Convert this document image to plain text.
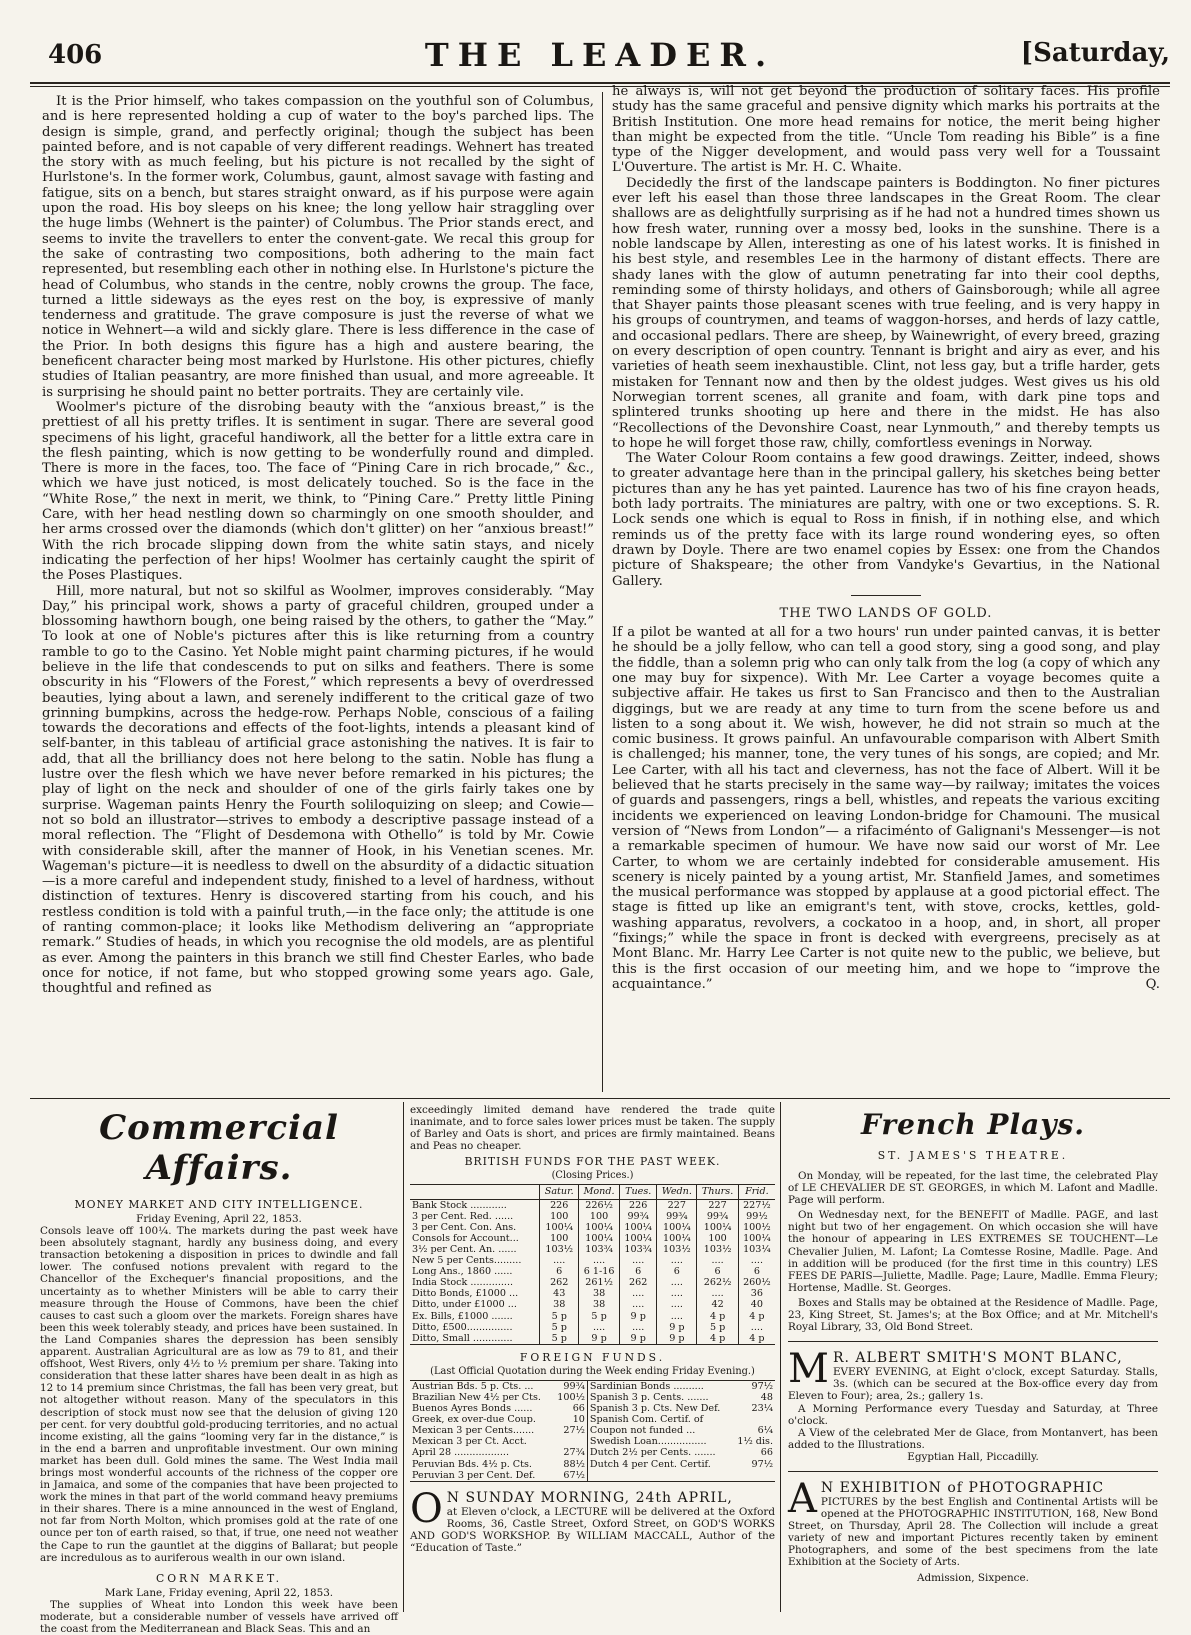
406	THE LEADER.	[Saturday,

It is the Prior himself, who takes compassion on the youthful son of Columbus, and is here represented holding a cup of water to the boy's parched lips. The design is simple, grand, and perfectly original; though the subject has been painted before, and is not capable of very different readings. Wehnert has treated the story with as much feeling, but his picture is not recalled by the sight of Hurlstone's. In the former work, Columbus, gaunt, almost savage with fasting and fatigue, sits on a bench, but stares straight onward, as if his purpose were again upon the road. His boy sleeps on his knee; the long yellow hair straggling over the huge limbs (Wehnert is the painter) of Columbus. The Prior stands erect, and seems to invite the travellers to enter the convent-gate. We recal this group for the sake of contrasting two compositions, both adhering to the main fact represented, but resembling each other in nothing else. In Hurlstone's picture the head of Columbus, who stands in the centre, nobly crowns the group. The face, turned a little sideways as the eyes rest on the boy, is expressive of manly tenderness and gratitude. The grave composure is just the reverse of what we notice in Wehnert—a wild and sickly glare. There is less difference in the case of the Prior. In both designs this figure has a high and austere bearing, the beneficent character being most marked by Hurlstone. His other pictures, chiefly studies of Italian peasantry, are more finished than usual, and more agreeable. It is surprising he should paint no better portraits. They are certainly vile.

Woolmer's picture of the disrobing beauty with the “anxious breast,” is the prettiest of all his pretty trifles. It is sentiment in sugar. There are several good specimens of his light, graceful handiwork, all the better for a little extra care in the flesh painting, which is now getting to be wonderfully round and dimpled. There is more in the faces, too. The face of “Pining Care in rich brocade,” &c., which we have just noticed, is most delicately touched. So is the face in the “White Rose,” the next in merit, we think, to “Pining Care.” Pretty little Pining Care, with her head nestling down so charmingly on one smooth shoulder, and her arms crossed over the diamonds (which don't glitter) on her “anxious breast!” With the rich brocade slipping down from the white satin stays, and nicely indicating the perfection of her hips! Woolmer has certainly caught the spirit of the Poses Plastiques.

Hill, more natural, but not so skilful as Woolmer, improves considerably. “May Day,” his principal work, shows a party of graceful children, grouped under a blossoming hawthorn bough, one being raised by the others, to gather the “May.” To look at one of Noble's pictures after this is like returning from a country ramble to go to the Casino. Yet Noble might paint charming pictures, if he would believe in the life that condescends to put on silks and feathers. There is some obscurity in his “Flowers of the Forest,” which represents a bevy of overdressed beauties, lying about a lawn, and serenely indifferent to the critical gaze of two grinning bumpkins, across the hedge-row. Perhaps Noble, conscious of a failing towards the decorations and effects of the foot-lights, intends a pleasant kind of self-banter, in this tableau of artificial grace astonishing the natives. It is fair to add, that all the brilliancy does not here belong to the satin. Noble has flung a lustre over the flesh which we have never before remarked in his pictures; the play of light on the neck and shoulder of one of the girls fairly takes one by surprise. Wageman paints Henry the Fourth soliloquizing on sleep; and Cowie—not so bold an illustrator—strives to embody a descriptive passage instead of a moral reflection. The “Flight of Desdemona with Othello” is told by Mr. Cowie with considerable skill, after the manner of Hook, in his Venetian scenes. Mr. Wageman's picture—it is needless to dwell on the absurdity of a didactic situation—is a more careful and independent study, finished to a level of hardness, without distinction of textures. Henry is discovered starting from his couch, and his restless condition is told with a painful truth,—in the face only; the attitude is one of ranting common-place; it looks like Methodism delivering an “appropriate remark.” Studies of heads, in which you recognise the old models, are as plentiful as ever. Among the painters in this branch we still find Chester Earles, who bade once for notice, if not fame, but who stopped growing some years ago. Gale, thoughtful and refined as

he always is, will not get beyond the production of solitary faces. His profile study has the same graceful and pensive dignity which marks his portraits at the British Institution. One more head remains for notice, the merit being higher than might be expected from the title. “Uncle Tom reading his Bible” is a fine type of the Nigger development, and would pass very well for a Toussaint L'Ouverture. The artist is Mr. H. C. Whaite.

Decidedly the first of the landscape painters is Boddington. No finer pictures ever left his easel than those three landscapes in the Great Room. The clear shallows are as delightfully surprising as if he had not a hundred times shown us how fresh water, running over a mossy bed, looks in the sunshine. There is a noble landscape by Allen, interesting as one of his latest works. It is finished in his best style, and resembles Lee in the harmony of distant effects. There are shady lanes with the glow of autumn penetrating far into their cool depths, reminding some of thirsty holidays, and others of Gainsborough; while all agree that Shayer paints those pleasant scenes with true feeling, and is very happy in his groups of countrymen, and teams of waggon-horses, and herds of lazy cattle, and occasional pedlars. There are sheep, by Wainewright, of every breed, grazing on every description of open country. Tennant is bright and airy as ever, and his varieties of heath seem inexhaustible. Clint, not less gay, but a trifle harder, gets mistaken for Tennant now and then by the oldest judges. West gives us his old Norwegian torrent scenes, all granite and foam, with dark pine tops and splintered trunks shooting up here and there in the midst. He has also “Recollections of the Devonshire Coast, near Lynmouth,” and thereby tempts us to hope he will forget those raw, chilly, comfortless evenings in Norway.

The Water Colour Room contains a few good drawings. Zeitter, indeed, shows to greater advantage here than in the principal gallery, his sketches being better pictures than any he has yet painted. Laurence has two of his fine crayon heads, both lady portraits. The miniatures are paltry, with one or two exceptions. S. R. Lock sends one which is equal to Ross in finish, if in nothing else, and which reminds us of the pretty face with its large round wondering eyes, so often drawn by Doyle. There are two enamel copies by Essex: one from the Chandos picture of Shakspeare; the other from Vandyke's Gevartius, in the National Gallery.

THE TWO LANDS OF GOLD.

If a pilot be wanted at all for a two hours' run under painted canvas, it is better he should be a jolly fellow, who can tell a good story, sing a good song, and play the fiddle, than a solemn prig who can only talk from the log (a copy of which any one may buy for sixpence). With Mr. Lee Carter a voyage becomes quite a subjective affair. He takes us first to San Francisco and then to the Australian diggings, but we are ready at any time to turn from the scene before us and listen to a song about it. We wish, however, he did not strain so much at the comic business. It grows painful. An unfavourable comparison with Albert Smith is challenged; his manner, tone, the very tunes of his songs, are copied; and Mr. Lee Carter, with all his tact and cleverness, has not the face of Albert. Will it be believed that he starts precisely in the same way—by railway; imitates the voices of guards and passengers, rings a bell, whistles, and repeats the various exciting incidents we experienced on leaving London-bridge for Chamouni. The musical version of “News from London”— a rifaciménto of Galignani's Messenger—is not a remarkable specimen of humour. We have now said our worst of Mr. Lee Carter, to whom we are certainly indebted for considerable amusement. His scenery is nicely painted by a young artist, Mr. Stanfield James, and sometimes the musical performance was stopped by applause at a good pictorial effect. The stage is fitted up like an emigrant's tent, with stove, crocks, kettles, gold-washing apparatus, revolvers, a cockatoo in a hoop, and, in short, all proper “fixings;” while the space in front is decked with evergreens, precisely as at Mont Blanc. Mr. Harry Lee Carter is not quite new to the public, we believe, but this is the first occasion of our meeting him, and we hope to “improve the acquaintance.”	Q.

Commercial Affairs.
MONEY MARKET AND CITY INTELLIGENCE.
Friday Evening, April 22, 1853.

Consols leave off 100¼. The markets during the past week have been absolutely stagnant, hardly any business doing, and every transaction betokening a disposition in prices to dwindle and fall lower. The confused notions prevalent with regard to the Chancellor of the Exchequer's financial propositions, and the uncertainty as to whether Ministers will be able to carry their measure through the House of Commons, have been the chief causes to cast such a gloom over the markets. Foreign shares have been this week tolerably steady, and prices have been sustained. In the Land Companies shares the depression has been sensibly apparent. Australian Agricultural are as low as 79 to 81, and their offshoot, West Rivers, only 4½ to ½ premium per share. Taking into consideration that these latter shares have been dealt in as high as 12 to 14 premium since Christmas, the fall has been very great, but not altogether without reason. Many of the speculators in this description of stock must now see that the delusion of giving 120 per cent. for very doubtful gold-producing territories, and no actual income existing, all the gains “looming very far in the distance,” is in the end a barren and unprofitable investment. Our own mining market has been dull. Gold mines the same. The West India mail brings most wonderful accounts of the richness of the copper ore in Jamaica, and some of the companies that have been projected to work the mines in that part of the world command heavy premiums in their shares. There is a mine announced in the west of England, not far from North Molton, which promises gold at the rate of one ounce per ton of earth raised, so that, if true, one need not weather the Cape to run the gauntlet at the diggins of Ballarat; but people are incredulous as to auriferous wealth in our own island.

CORN MARKET.
Mark Lane, Friday evening, April 22, 1853.

The supplies of Wheat into London this week have been moderate, but a considerable number of vessels have arrived off the coast from the Mediterranean and Black Seas. This and an

exceedingly limited demand have rendered the trade quite inanimate, and to force sales lower prices must be taken. The supply of Barley and Oats is short, and prices are firmly maintained. Beans and Peas no cheaper.

BRITISH FUNDS FOR THE PAST WEEK.
(Closing Prices.)
	Satur.	Mond.	Tues.	Wedn.	Thurs.	Frid.
Bank Stock ............	226	226½	226	227	227	227½
3 per Cent. Red. ......	100	100	99¾	99¾	99¾	99½
3 per Cent. Con. Ans.	100¼	100¼	100¼	100¼	100¼	100½
Consols for Account...	100	100¼	100¼	100¼	100	100¼
3½ per Cent. An. ......	103½	103¾	103¾	103½	103½	103¼
New 5 per Cents.........	....	....	....	....	....	....
Long Ans., 1860 ......	6	6 1-16	6	6	6	6
India Stock ..............	262	261½	262	....	262½	260½
Ditto Bonds, £1000 ...	43	38	....	....	....	36
Ditto, under £1000 ...	38	38	....	....	42	40
Ex. Bills, £1000 .......	5 p	5 p	9 p	....	4 p	4 p
Ditto, £500...............	5 p	....	....	9 p	5 p	....
Ditto, Small .............	5 p	9 p	9 p	9 p	4 p	4 p
FOREIGN FUNDS.
(Last Official Quotation during the Week ending Friday Evening.)
Austrian Bds. 5 p. Cts. ...	99¾	Sardinian Bonds ..........	97½
Brazilian New 4½ per Cts.	100½	Spanish 3 p. Cents. .......	48
Buenos Ayres Bonds ......	66	Spanish 3 p. Cts. New Def.	23¼
Greek, ex over-due Coup.	10	Spanish Com. Certif. of	
Mexican 3 per Cents.......	27½	Coupon not funded ...	6¼
Mexican 3 per Ct. Acct.		Swedish Loan................	1½ dis.
April 28 ..................	27¾	Dutch 2½ per Cents. .......	66
Peruvian Bds. 4½ p. Cts.	88½	Dutch 4 per Cent. Certif.	97½
Peruvian 3 per Cent. Def.	67½		
O N SUNDAY MORNING, 24th APRIL,
at Eleven o'clock, a LECTURE will be delivered at the Oxford Rooms, 36, Castle Street, Oxford Street, on GOD'S WORKS AND GOD'S WORKSHOP. By WILLIAM MACCALL, Author of the “Education of Taste.”
French Plays.
ST. JAMES'S THEATRE.

On Monday, will be repeated, for the last time, the celebrated Play of LE CHEVALIER DE ST. GEORGES, in which M. Lafont and Madlle. Page will perform.

On Wednesday next, for the BENEFIT of Madlle. PAGE, and last night but two of her engagement. On which occasion she will have the honour of appearing in LES EXTREMES SE TOUCHENT—Le Chevalier Julien, M. Lafont; La Comtesse Rosine, Madlle. Page. And in addition will be produced (for the first time in this country) LES FEES DE PARIS—Juliette, Madlle. Page; Laure, Madlle. Emma Fleury; Hortense, Madlle. St. Georges.

Boxes and Stalls may be obtained at the Residence of Madlle. Page, 23, King Street, St. James's; at the Box Office; and at Mr. Mitchell's Royal Library, 33, Old Bond Street.

M R. ALBERT SMITH'S MONT BLANC,
EVERY EVENING, at Eight o'clock, except Saturday. Stalls, 3s. (which can be secured at the Box-office every day from Eleven to Four); area, 2s.; gallery 1s.
A Morning Performance every Tuesday and Saturday, at Three o'clock.
A View of the celebrated Mer de Glace, from Montanvert, has been added to the Illustrations.
Egyptian Hall, Piccadilly.
A N EXHIBITION of PHOTOGRAPHIC
PICTURES by the best English and Continental Artists will be opened at the PHOTOGRAPHIC INSTITUTION, 168, New Bond Street, on Thursday, April 28. The Collection will include a great variety of new and important Pictures recently taken by eminent Photographers, and some of the best specimens from the late Exhibition at the Society of Arts.
Admission, Sixpence.
